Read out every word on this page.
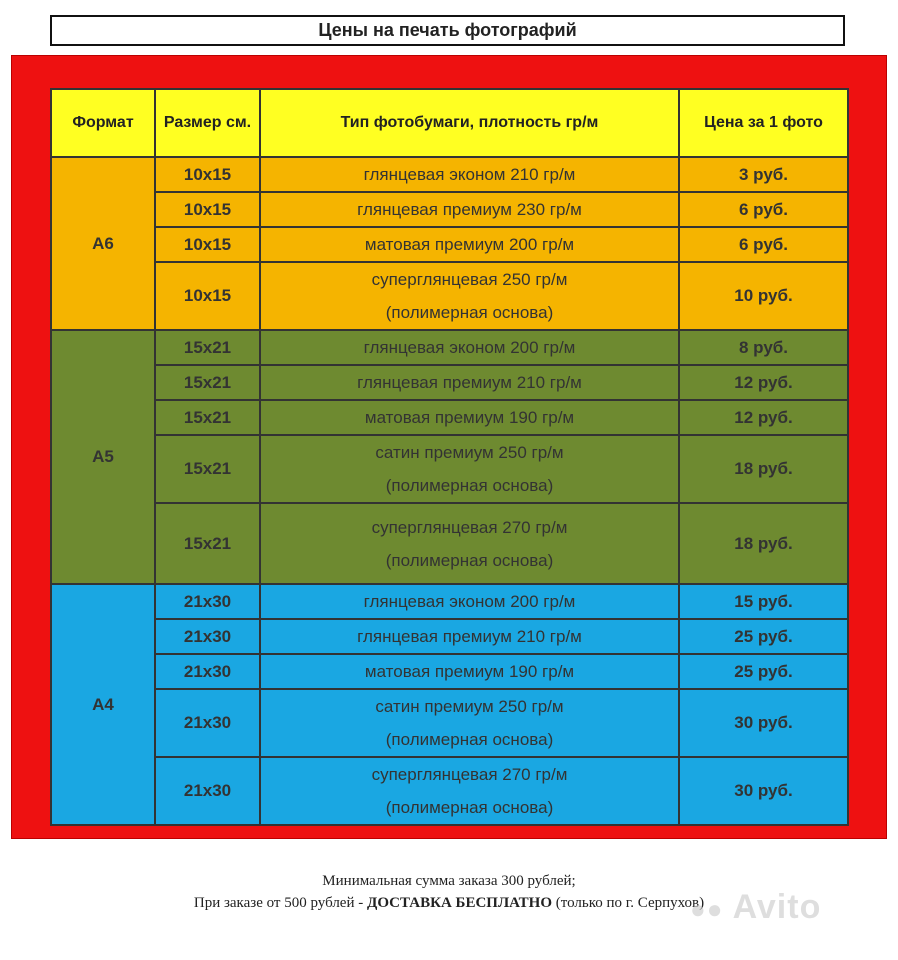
Цены на печать фотографий
Формат	Размер см.	Тип фотобумаги, плотность гр/м	Цена за 1 фото
А6	10х15	глянцевая эконом 210 гр/м	3 руб.
	10х15	глянцевая премиум 230 гр/м	6 руб.
	10х15	матовая премиум 200 гр/м	6 руб.
	10х15	суперглянцевая 250 гр/м
(полимерная основа)	10 руб.
А5	15х21	глянцевая эконом 200 гр/м	8 руб.
	15х21	глянцевая премиум 210 гр/м	12 руб.
	15х21	матовая премиум 190 гр/м	12 руб.
	15х21	сатин премиум 250 гр/м
(полимерная основа)	18 руб.
	15х21	суперглянцевая 270 гр/м
(полимерная основа)	18 руб.
А4	21х30	глянцевая эконом 200 гр/м	15 руб.
	21х30	глянцевая премиум 210 гр/м	25 руб.
	21х30	матовая премиум 190 гр/м	25 руб.
	21х30	сатин премиум 250 гр/м
(полимерная основа)	30 руб.
	21х30	суперглянцевая 270 гр/м
(полимерная основа)	30 руб.
Минимальная сумма заказа 300 рублей;
При заказе от 500 рублей - ДОСТАВКА БЕСПЛАТНО (только по г. Серпухов)
●● Avito
